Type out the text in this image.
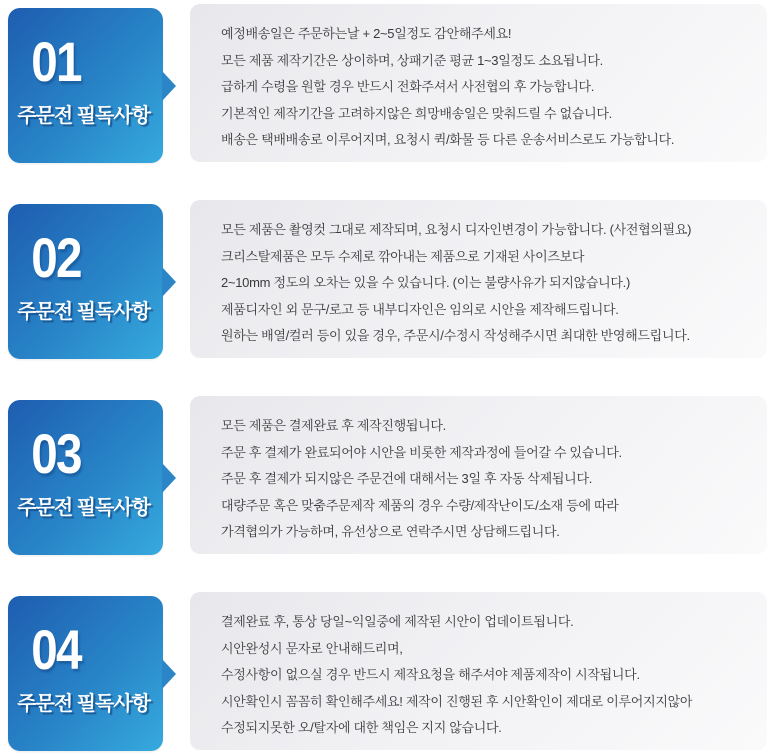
01
주문전 필독사항
예정배송일은 주문하는날 + 2~5일정도 감안해주세요!
모든 제품 제작기간은 상이하며, 상패기준 평균 1~3일정도 소요됩니다.
급하게 수령을 원할 경우 반드시 전화주셔서 사전협의 후 가능합니다.
기본적인 제작기간을 고려하지않은 희망배송일은 맞춰드릴 수 없습니다.
배송은 택배배송로 이루어지며, 요청시 퀵/화물 등 다른 운송서비스로도 가능합니다.
02
주문전 필독사항
모든 제품은 촬영컷 그대로 제작되며, 요청시 디자인변경이 가능합니다. (사전협의필요)
크리스탈제품은 모두 수제로 깎아내는 제품으로 기재된 사이즈보다
2~10mm 정도의 오차는 있을 수 있습니다. (이는 불량사유가 되지않습니다.)
제품디자인 외 문구/로고 등 내부디자인은 임의로 시안을 제작해드립니다.
원하는 배열/컬러 등이 있을 경우, 주문시/수정시 작성해주시면 최대한 반영해드립니다.
03
주문전 필독사항
모든 제품은 결제완료 후 제작진행됩니다.
주문 후 결제가 완료되어야 시안을 비롯한 제작과정에 들어갈 수 있습니다.
주문 후 결제가 되지않은 주문건에 대해서는 3일 후 자동 삭제됩니다.
대량주문 혹은 맞춤주문제작 제품의 경우 수량/제작난이도/소재 등에 따라
가격협의가 가능하며, 유선상으로 연락주시면 상담해드립니다.
04
주문전 필독사항
결제완료 후, 통상 당일~익일중에 제작된 시안이 업데이트됩니다.
시안완성시 문자로 안내해드리며,
수정사항이 없으실 경우 반드시 제작요청을 해주셔야 제품제작이 시작됩니다.
시안확인시 꼼꼼히 확인해주세요! 제작이 진행된 후 시안확인이 제대로 이루어지지않아
수정되지못한 오/탈자에 대한 책임은 지지 않습니다.
